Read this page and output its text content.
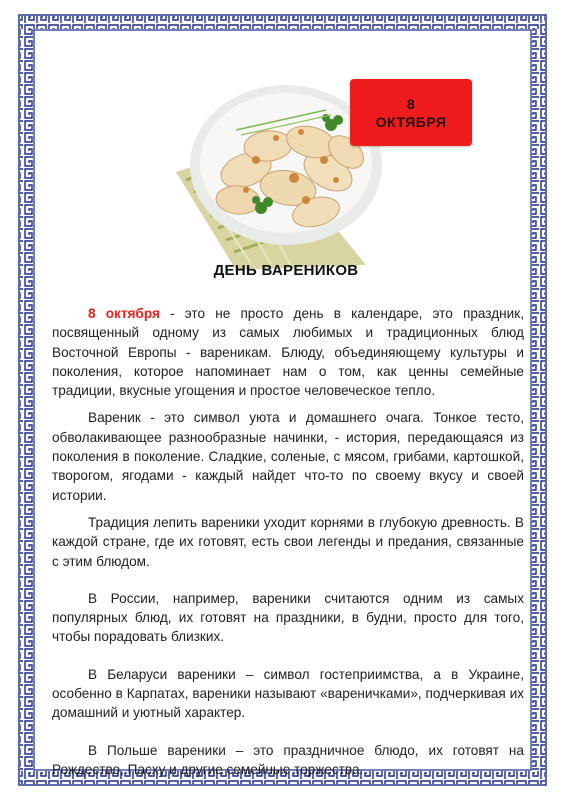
8
ОКТЯБРЯ
ДЕНЬ ВАРЕНИКОВ

8 октября - это не просто день в календаре, это праздник, посвященный одному из самых любимых и традиционных блюд Восточной Европы - вареникам. Блюду, объединяющему культуры и поколения, которое напоминает нам о том, как ценны семейные традиции, вкусные угощения и простое человеческое тепло.

Вареник - это символ уюта и домашнего очага. Тонкое тесто, обволакивающее разнообразные начинки, - история, передающаяся из поколения в поколение. Сладкие, соленые, с мясом, грибами, картошкой, творогом, ягодами - каждый найдет что-то по своему вкусу и своей истории.

Традиция лепить вареники уходит корнями в глубокую древность. В каждой стране, где их готовят, есть свои легенды и предания, связанные с этим блюдом.

В России, например, вареники считаются одним из самых популярных блюд, их готовят на праздники, в будни, просто для того, чтобы порадовать близких.

В Беларуси вареники – символ гостеприимства, а в Украине, особенно в Карпатах, вареники называют «вареничками», подчеркивая их домашний и уютный характер.

В Польше вареники – это праздничное блюдо, их готовят на Рождество, Пасху и другие семейные торжества.
